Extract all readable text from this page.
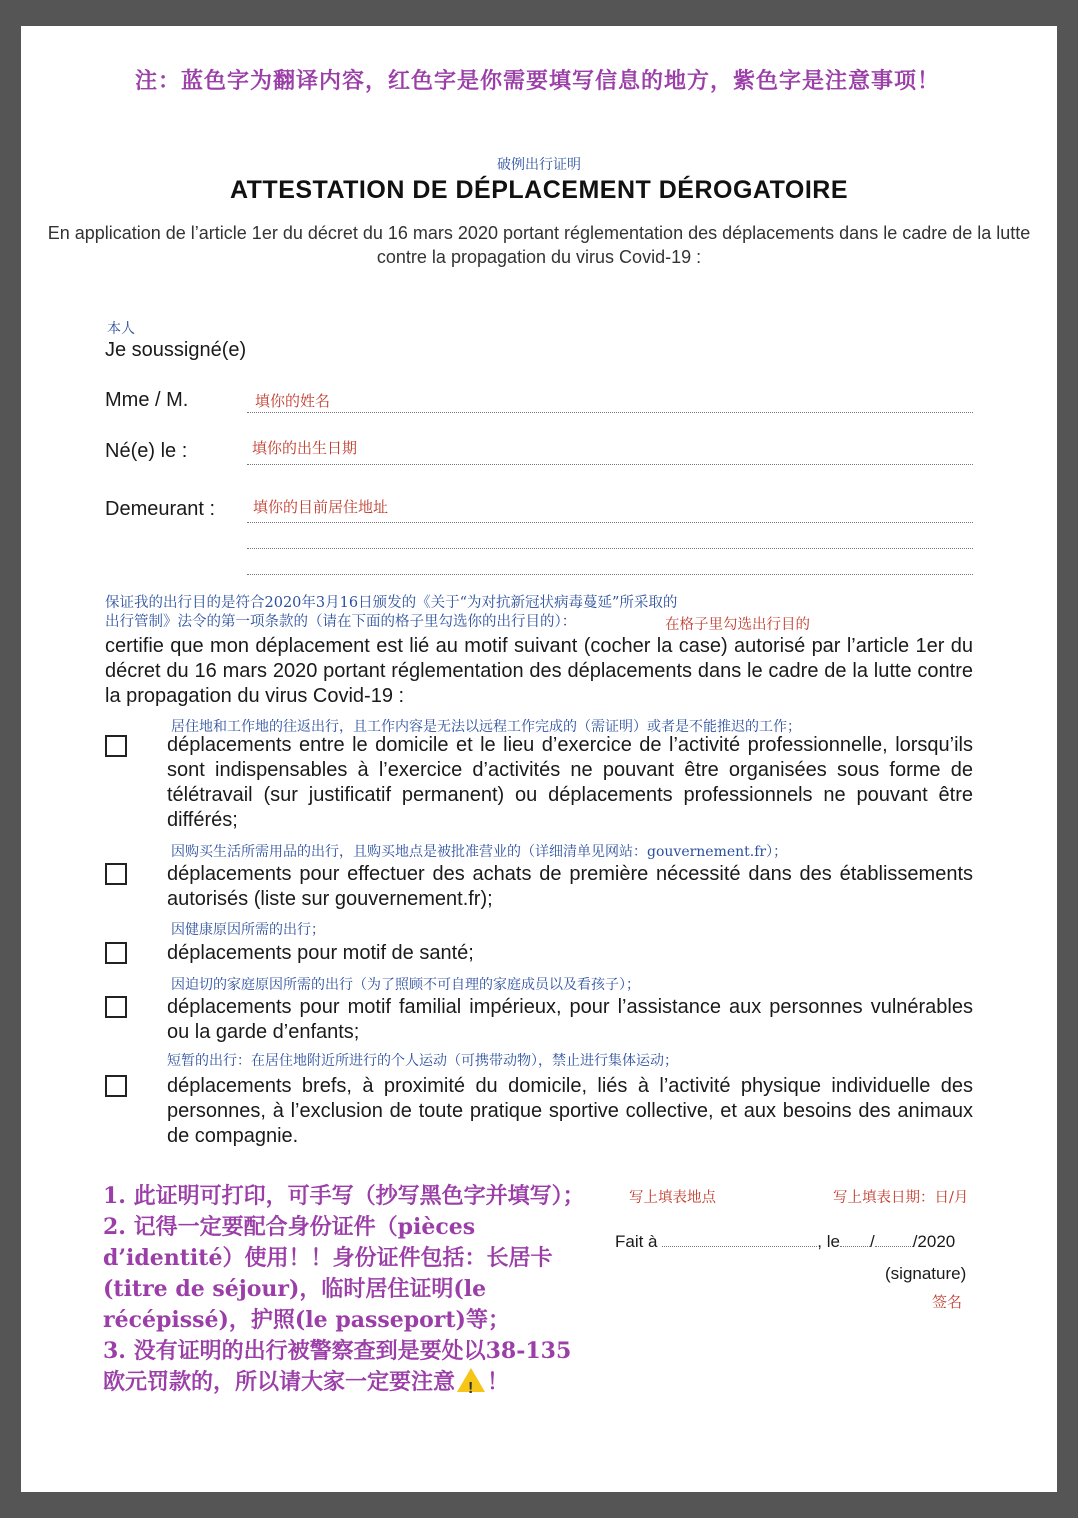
注：蓝色字为翻译内容，红色字是你需要填写信息的地方，紫色字是注意事项！
破例出行证明
ATTESTATION DE DÉPLACEMENT DÉROGATOIRE
En application de l’article 1er du décret du 16 mars 2020 portant réglementation des déplacements dans le cadre de la lutte contre la propagation du virus Covid-19 :
本人
Je soussigné(e)
Mme / M.	填你的姓名
Né(e) le :	填你的出生日期
Demeurant :	填你的目前居住地址
保证我的出行目的是符合2020年3月16日颁发的《关于“为对抗新冠状病毒蔓延”所采取的
出行管制》法令的第一项条款的（请在下面的格子里勾选你的出行目的）：	在格子里勾选出行目的
certifie que mon déplacement est lié au motif suivant (cocher la case) autorisé par l’article 1er du décret du 16 mars 2020 portant réglementation des déplacements dans le cadre de la lutte contre la propagation du virus Covid-19 :
居住地和工作地的往返出行，且工作内容是无法以远程工作完成的（需证明）或者是不能推迟的工作；
déplacements entre le domicile et le lieu d’exercice de l’activité professionnelle, lorsqu’ils sont indispensables à l’exercice d’activités ne pouvant être organisées sous forme de télétravail (sur justificatif permanent) ou déplacements professionnels ne pouvant être différés;
因购买生活所需用品的出行，且购买地点是被批准营业的（详细清单见网站：gouvernement.fr）；
déplacements pour effectuer des achats de première nécessité dans des établissements autorisés (liste sur gouvernement.fr);
因健康原因所需的出行；
déplacements pour motif de santé;
因迫切的家庭原因所需的出行（为了照顾不可自理的家庭成员以及看孩子）；
déplacements pour motif familial impérieux, pour l’assistance aux personnes vulnérables ou la garde d’enfants;
短暂的出行：在居住地附近所进行的个人运动（可携带动物），禁止进行集体运动；
déplacements brefs, à proximité du domicile, liés à l’activité physique individuelle des personnes, à l’exclusion de toute pratique sportive collective, et aux besoins des animaux de compagnie.
1. 此证明可打印，可手写（抄写黑色字并填写）；
2. 记得一定要配合身份证件（pièces d’identité）使用！！身份证件包括：长居卡(titre de séjour)，临时居住证明(le récépissé)，护照(le passeport)等；
3. 没有证明的出行被警察查到是要处以38-135欧元罚款的，所以请大家一定要注意! ！
写上填表地点	写上填表日期：日/月
Fait à	, le / /2020
(signature)
签名
